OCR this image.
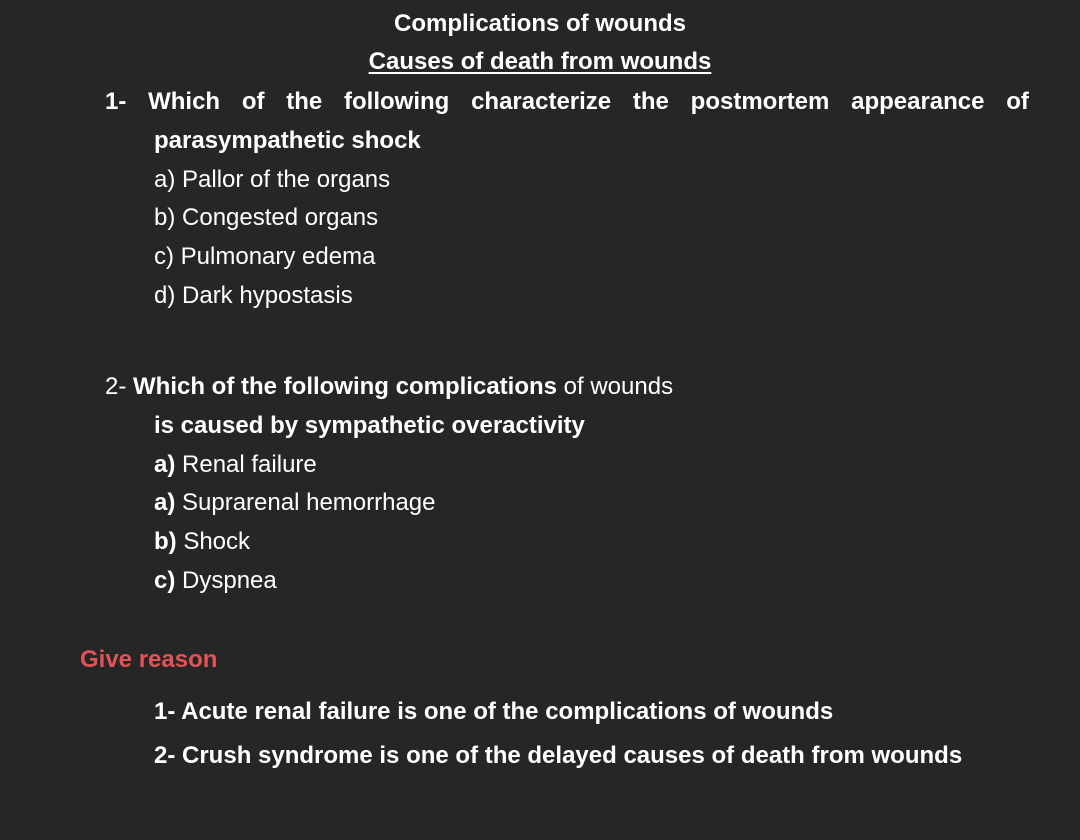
Complications of wounds
Causes of death from wounds
1- Which of the following characterize the postmortem appearance of
parasympathetic shock
a) Pallor of the organs
b) Congested organs
c) Pulmonary edema
d) Dark hypostasis
2- Which of the following complications of wounds
is caused by sympathetic overactivity
a) Renal failure
a) Suprarenal hemorrhage
b) Shock
c) Dyspnea
Give reason
1- Acute renal failure is one of the complications of wounds
2- Crush syndrome is one of the delayed causes of death from wounds
